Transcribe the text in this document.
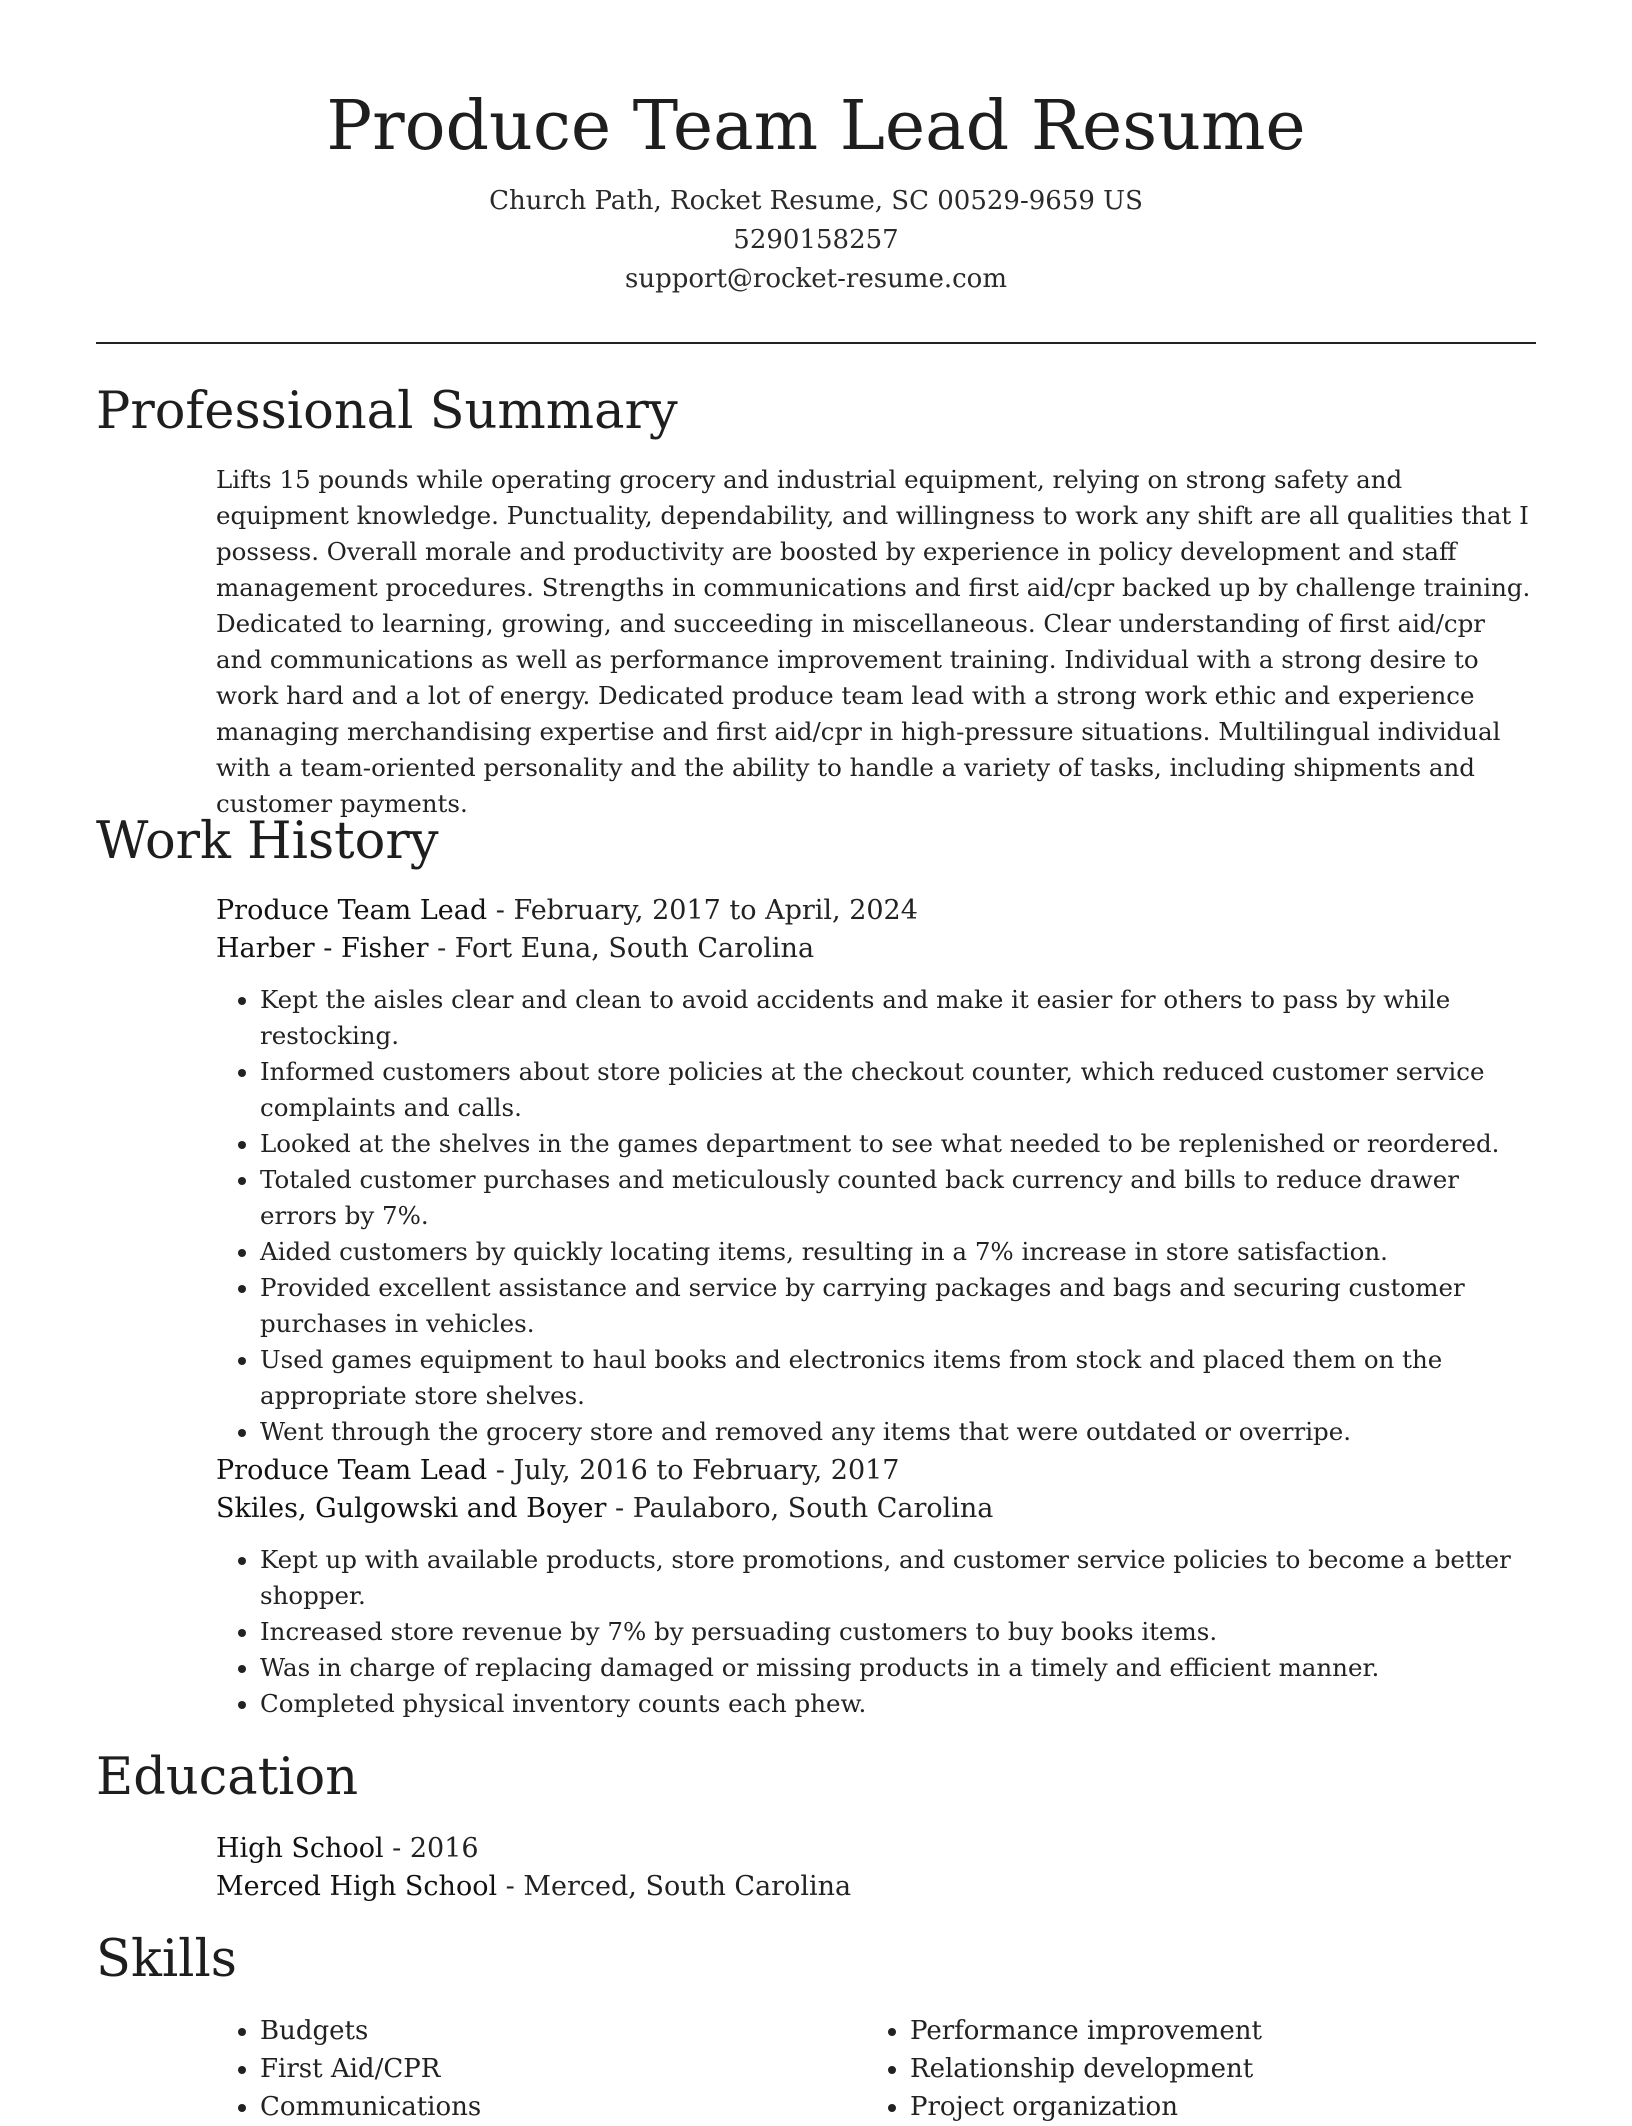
Produce Team Lead Resume
Church Path, Rocket Resume, SC 00529-9659 US
5290158257
support@rocket-resume.com
Professional Summary

Lifts 15 pounds while operating grocery and industrial equipment, relying on strong safety and equipment knowledge. Punctuality, dependability, and willingness to work any shift are all qualities that I possess. Overall morale and productivity are boosted by experience in policy development and staff management procedures. Strengths in communications and first aid/cpr backed up by challenge training. Dedicated to learning, growing, and succeeding in miscellaneous. Clear understanding of first aid/cpr and communications as well as performance improvement training. Individual with a strong desire to work hard and a lot of energy. Dedicated produce team lead with a strong work ethic and experience managing merchandising expertise and first aid/cpr in high-pressure situations. Multilingual individual with a team-oriented personality and the ability to handle a variety of tasks, including shipments and customer payments.

Work History

Produce Team Lead - February, 2017 to April, 2024

Harber - Fisher - Fort Euna, South Carolina

• Kept the aisles clear and clean to avoid accidents and make it easier for others to pass by while restocking.
• Informed customers about store policies at the checkout counter, which reduced customer service complaints and calls.
• Looked at the shelves in the games department to see what needed to be replenished or reordered.
• Totaled customer purchases and meticulously counted back currency and bills to reduce drawer errors by 7%.
• Aided customers by quickly locating items, resulting in a 7% increase in store satisfaction.
• Provided excellent assistance and service by carrying packages and bags and securing customer purchases in vehicles.
• Used games equipment to haul books and electronics items from stock and placed them on the appropriate store shelves.
• Went through the grocery store and removed any items that were outdated or overripe.

Produce Team Lead - July, 2016 to February, 2017

Skiles, Gulgowski and Boyer - Paulaboro, South Carolina

• Kept up with available products, store promotions, and customer service policies to become a better shopper.
• Increased store revenue by 7% by persuading customers to buy books items.
• Was in charge of replacing damaged or missing products in a timely and efficient manner.
• Completed physical inventory counts each phew.
Education

High School - 2016

Merced High School - Merced, South Carolina

Skills
• Budgets
• First Aid/CPR
• Communications
• Performance improvement
• Relationship development
• Project organization
